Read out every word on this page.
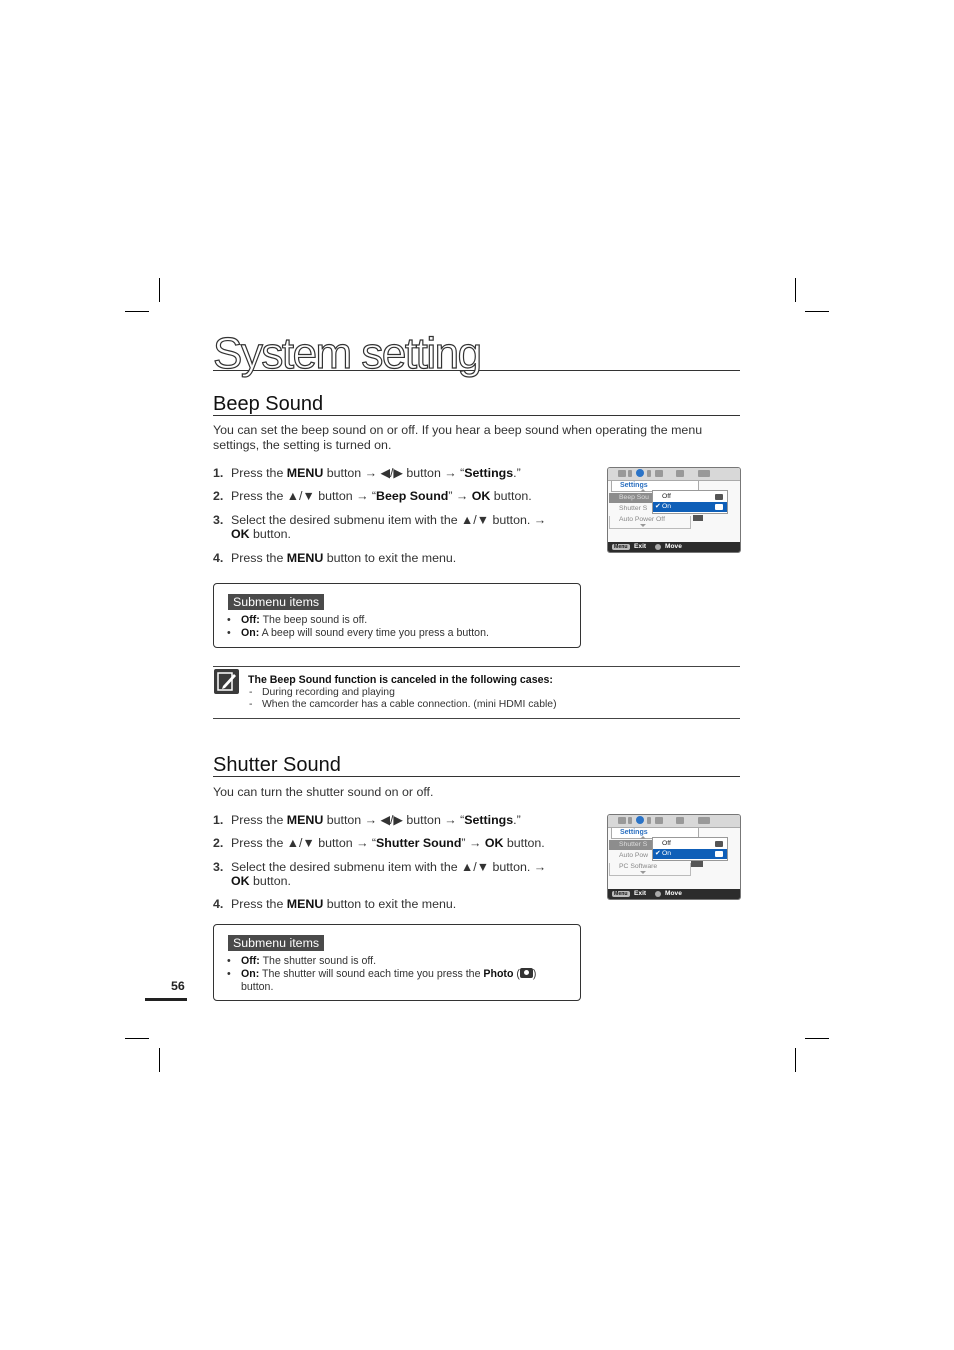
System setting
Beep Sound
You can set the beep sound on or off. If you hear a beep sound when operating the menu settings, the setting is turned on.
1. Press the MENU button → ◀/▶ button → “Settings.”
2. Press the ▲/▼ button → “Beep Sound” → OK button.
3. Select the desired submenu item with the ▲/▼ button. → OK button.
4. Press the MENU button to exit the menu.
Settings
Beep Sou
Shutter S
Auto Power Off
Off
✔ On
Menu Exit	Move
Submenu items
• Off: The beep sound is off.
• On: A beep will sound every time you press a button.
The Beep Sound function is canceled in the following cases:
- During recording and playing
- When the camcorder has a cable connection. (mini HDMI cable)
Shutter Sound
You can turn the shutter sound on or off.
1. Press the MENU button → ◀/▶ button → “Settings.”
2. Press the ▲/▼ button → “Shutter Sound” → OK button.
3. Select the desired submenu item with the ▲/▼ button. → OK button.
4. Press the MENU button to exit the menu.
Settings
Shutter S
Auto Pow
PC Software
Off
✔ On
Menu Exit	Move
Submenu items
• Off: The shutter sound is off.
• On: The shutter will sound each time you press the Photo ( ) button.
56
